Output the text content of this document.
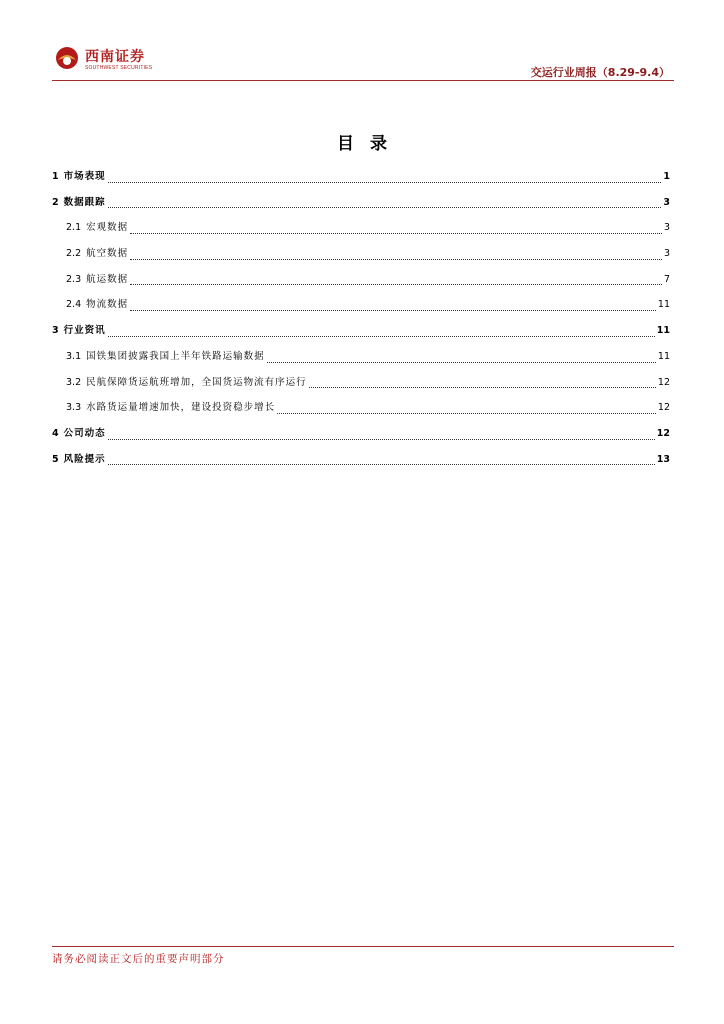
西南证券
SOUTHWEST SECURITIES	交运行业周报（8.29-9.4）
目录
1 市场表现	1
2 数据跟踪	3
2.1 宏观数据	3
2.2 航空数据	3
2.3 航运数据	7
2.4 物流数据	11
3 行业资讯	11
3.1 国铁集团披露我国上半年铁路运输数据	11
3.2 民航保障货运航班增加，全国货运物流有序运行	12
3.3 水路货运量增速加快，建设投资稳步增长	12
4 公司动态	12
5 风险提示	13
请务必阅读正文后的重要声明部分
